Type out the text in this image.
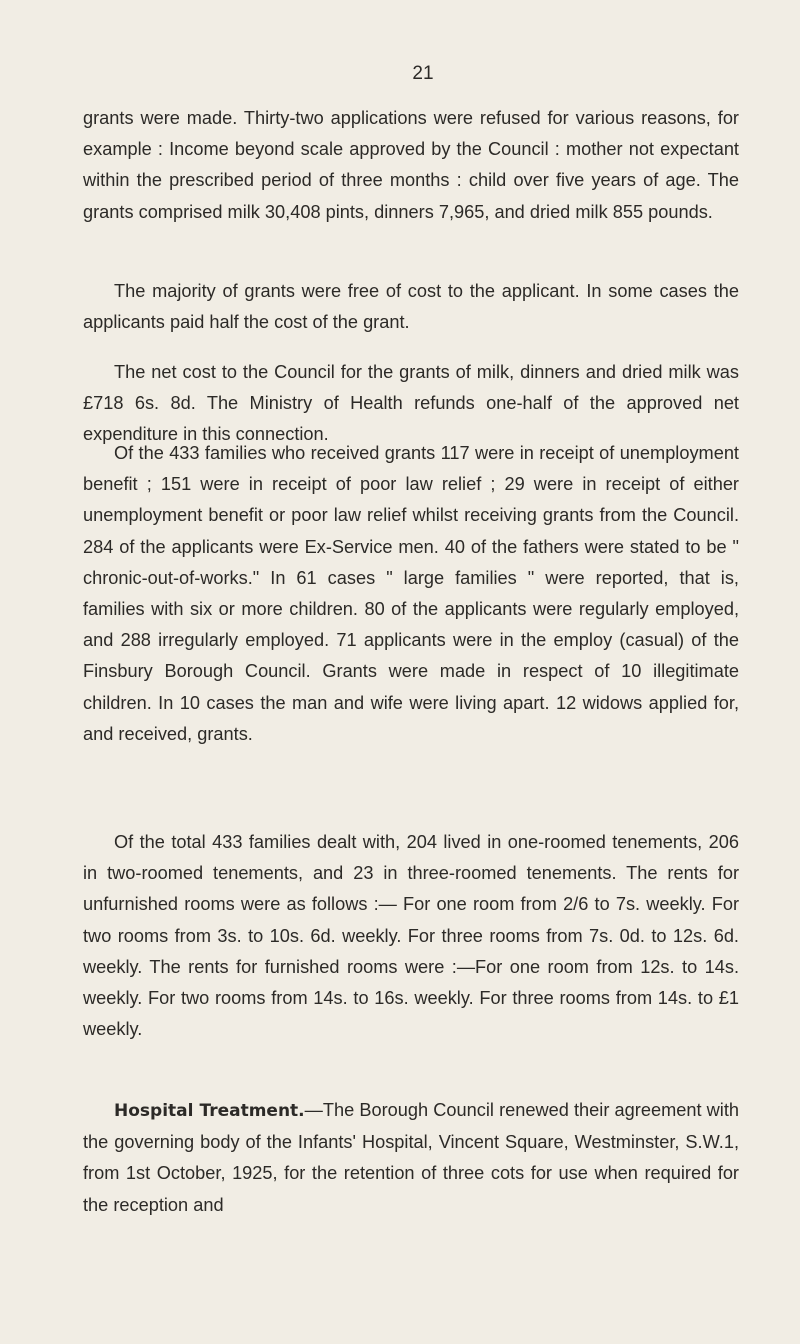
21

grants were made. Thirty-two applications were refused for various reasons, for example : Income beyond scale approved by the Council : mother not expectant within the prescribed period of three months : child over five years of age. The grants comprised milk 30,408 pints, dinners 7,965, and dried milk 855 pounds.

The majority of grants were free of cost to the applicant. In some cases the applicants paid half the cost of the grant.

The net cost to the Council for the grants of milk, dinners and dried milk was £718 6s. 8d. The Ministry of Health refunds one-half of the approved net expenditure in this connection.

Of the 433 families who received grants 117 were in receipt of unemployment benefit ; 151 were in receipt of poor law relief ; 29 were in receipt of either unemployment benefit or poor law relief whilst receiving grants from the Council. 284 of the applicants were Ex-Service men. 40 of the fathers were stated to be " chronic-out-of-works." In 61 cases " large families " were reported, that is, families with six or more children. 80 of the applicants were regularly employed, and 288 irregularly employed. 71 applicants were in the employ (casual) of the Finsbury Borough Council. Grants were made in respect of 10 illegitimate children. In 10 cases the man and wife were living apart. 12 widows applied for, and received, grants.

Of the total 433 families dealt with, 204 lived in one-roomed tenements, 206 in two-roomed tenements, and 23 in three-roomed tenements. The rents for unfurnished rooms were as follows :— For one room from 2/6 to 7s. weekly. For two rooms from 3s. to 10s. 6d. weekly. For three rooms from 7s. 0d. to 12s. 6d. weekly. The rents for furnished rooms were :—For one room from 12s. to 14s. weekly. For two rooms from 14s. to 16s. weekly. For three rooms from 14s. to £1 weekly.

Hospital Treatment.—The Borough Council renewed their agreement with the governing body of the Infants' Hospital, Vincent Square, Westminster, S.W.1, from 1st October, 1925, for the retention of three cots for use when required for the reception and
